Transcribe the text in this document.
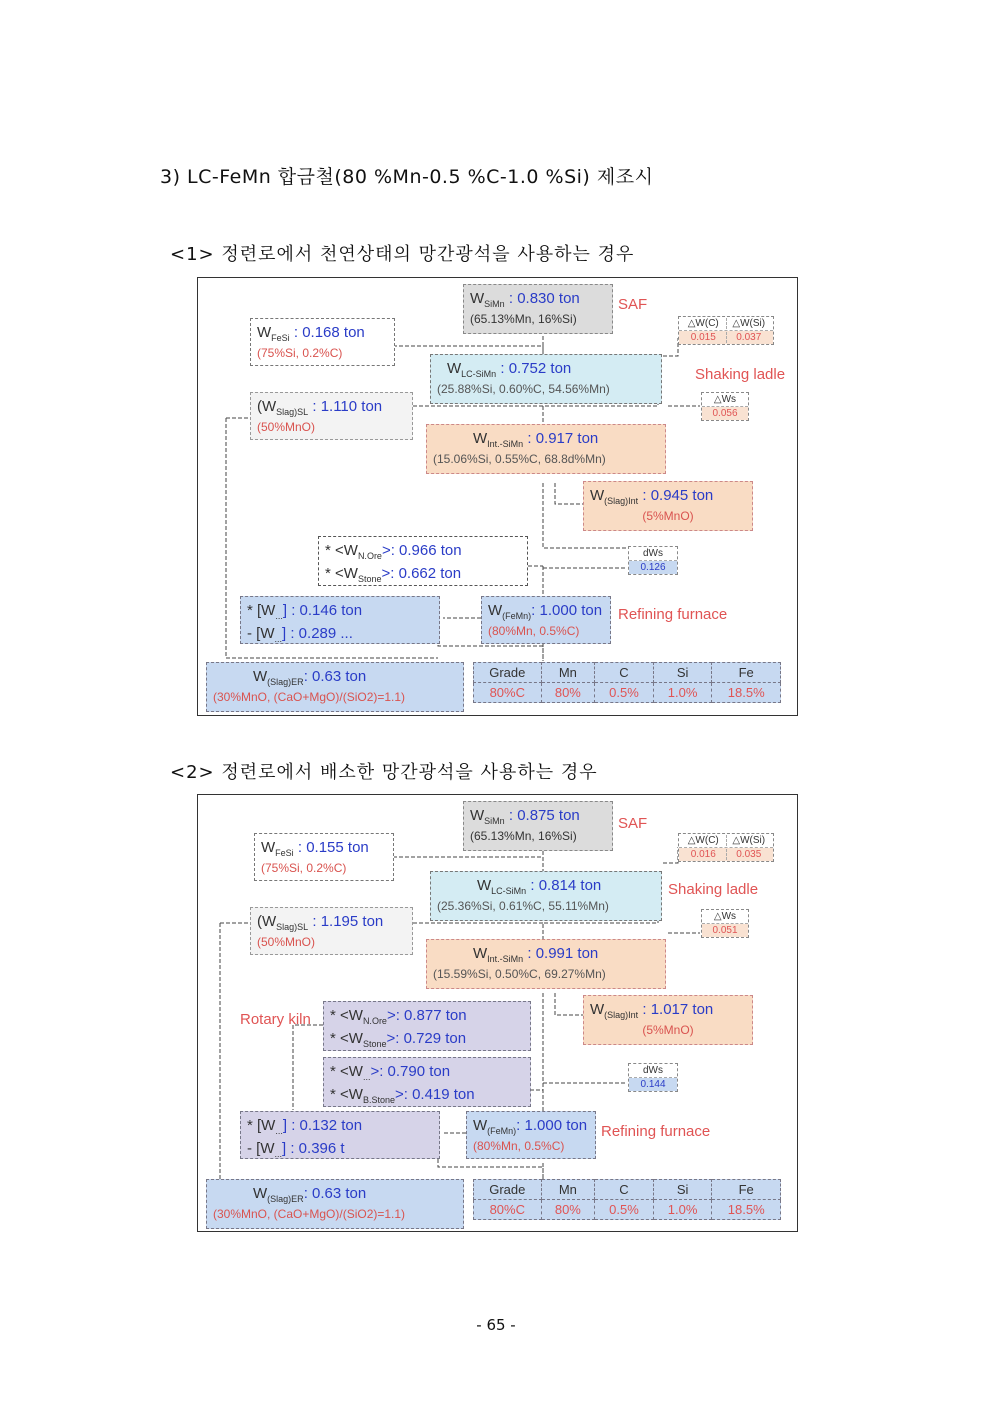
3) LC-FeMn 합금철(80 %Mn-0.5 %C-1.0 %Si) 제조시
<1> 정련로에서 천연상태의 망간광석을 사용하는 경우
$W_{SiMn}$ : 0.830 ton
(65.13%Mn, 16%Si)
SAF
$W_{FeSi}$ : 0.168 ton
(75%Si, 0.2%C)
△W(C)	△W(Si)
0.015	0.037
$W_{LC-SiMn}$ : 0.752 ton
(25.88%Si, 0.60%C, 54.56%Mn)
Shaking ladle
($W_{Slag)SL}$ : 1.110 ton
(50%MnO)
△Ws
0.056
$W_{Int.-SiMn}$ : 0.917 ton
(15.06%Si, 0.55%C, 68.8d%Mn)
$W_{(Slag)Int}$ : 0.945 ton
(5%MnO)
* $<W_{N.Ore}>$: 0.966 ton
* $<W_{Stone}>$: 0.662 ton
dWs
0.126
* $[W_{...}]$ : 0.146 ton
- $[W_{...}]$ : 0.289 ...
$W_{(FeMn)}$: 1.000 ton
(80%Mn, 0.5%C)
Refining furnace
$W_{(Slag)ER}$: 0.63 ton
(30%MnO, (CaO+MgO)/(SiO2)=1.1)
Grade	Mn	C	Si	Fe
80%C	80%	0.5%	1.0%	18.5%
<2> 정련로에서 배소한 망간광석을 사용하는 경우
$W_{SiMn}$ : 0.875 ton
(65.13%Mn, 16%Si)
SAF
$W_{FeSi}$ : 0.155 ton
(75%Si, 0.2%C)
△W(C)	△W(Si)
0.016	0.035
$W_{LC-SiMn}$ : 0.814 ton
(25.36%Si, 0.61%C, 55.11%Mn)
Shaking ladle
($W_{Slag)SL}$ : 1.195 ton
(50%MnO)
△Ws
0.051
$W_{Int.-SiMn}$ : 0.991 ton
(15.59%Si, 0.50%C, 69.27%Mn)
$W_{(Slag)Int}$ : 1.017 ton
(5%MnO)
Rotary $kiln * <W_{N.Ore}>$: 0.877 ton
* $<W_{Stone}>$: 0.729 ton
* $<W_{...}>$: 0.790 ton
* $<W_{B.Stone}>$: 0.419 ton
dWs
0.144
* $[W_{...}]$ : 0.132 ton
- $[W_{...}]$ : 0.396 t
$W_{(FeMn)}$: 1.000 ton
(80%Mn, 0.5%C)
Refining furnace
$W_{(Slag)ER}$: 0.63 ton
(30%MnO, (CaO+MgO)/(SiO2)=1.1)
Grade	Mn	C	Si	Fe
80%C	80%	0.5%	1.0%	18.5%
- 65 -
